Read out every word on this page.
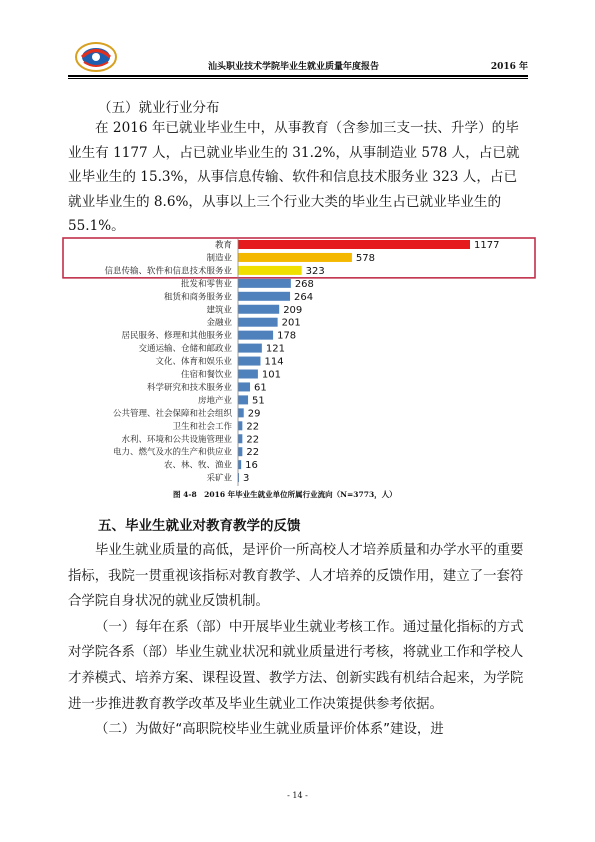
汕头职业技术学院毕业生就业质量年度报告	2016 年
（五）就业行业分布

在 2016 年已就业毕业生中，从事教育（含参加三支一扶、升学）的毕业生有 1177 人，占已就业毕业生的 31.2%，从事制造业 578 人，占已就业毕业生的 15.3%，从事信息传输、软件和信息技术服务业 323 人，占已就业毕业生的 8.6%，从事以上三个行业大类的毕业生占已就业毕业生的 55.1%。

教育	1177
制造业	578
信息传输、软件和信息技术服务业	323
批发和零售业	268
租赁和商务服务业	264
建筑业	209
金融业	201
居民服务、修理和其他服务业	178
交通运输、仓储和邮政业	121
文化、体育和娱乐业	114
住宿和餐饮业	101
科学研究和技术服务业 61
房地产业 51
公共管理、社会保障和社会组织 29
卫生和社会工作 22
水利、环境和公共设施管理业 22
电力、燃气及水的生产和供应业 22
农、林、牧、渔业 16
采矿业 3
图 4-8　2016 年毕业生就业单位所属行业流向（N=3773，人）
五、毕业生就业对教育教学的反馈
毕业生就业质量的高低，是评价一所高校人才培养质量和办学水平的重要指标，我院一贯重视该指标对教育教学、人才培养的反馈作用，建立了一套符合学院自身状况的就业反馈机制。
（一）每年在系（部）中开展毕业生就业考核工作。通过量化指标的方式对学院各系（部）毕业生就业状况和就业质量进行考核，将就业工作和学校人才养模式、培养方案、课程设置、教学方法、创新实践有机结合起来，为学院进一步推进教育教学改革及毕业生就业工作决策提供参考依据。
（二）为做好“高职院校毕业生就业质量评价体系”建设，进
- 14 -
